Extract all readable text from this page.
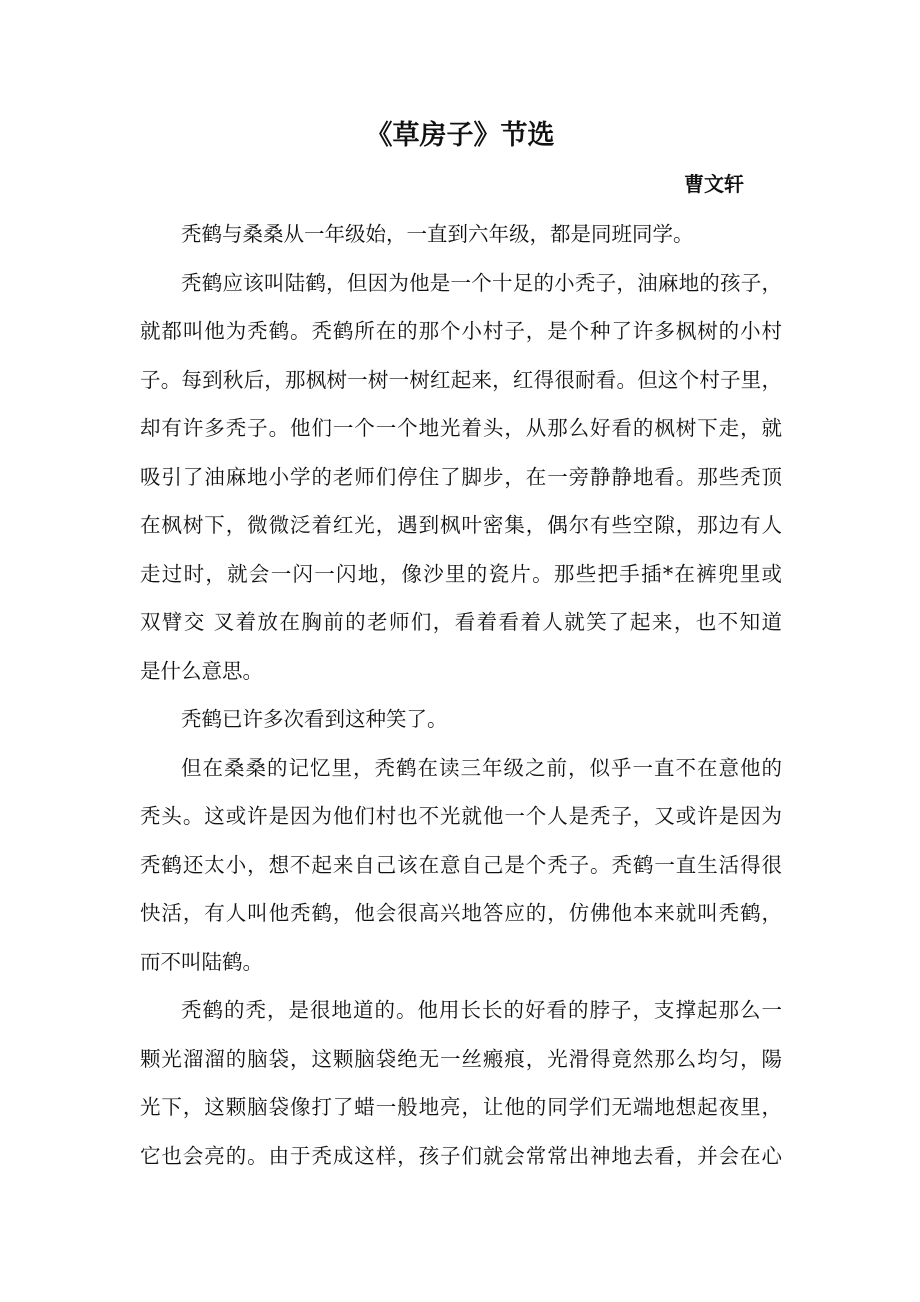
《草房子》节选
曹文轩
秃鹤与桑桑从一年级始，一直到六年级，都是同班同学。
秃鹤应该叫陆鹤，但因为他是一个十足的小秃子，油麻地的孩子，
就都叫他为秃鹤。秃鹤所在的那个小村子，是个种了许多枫树的小村
子。每到秋后，那枫树一树一树红起来，红得很耐看。但这个村子里，
却有许多秃子。他们一个一个地光着头，从那么好看的枫树下走，就
吸引了油麻地小学的老师们停住了脚步，在一旁静静地看。那些秃顶
在枫树下，微微泛着红光，遇到枫叶密集，偶尔有些空隙，那边有人
走过时，就会一闪一闪地，像沙里的瓷片。那些把手插*在裤兜里或
双臂交 叉着放在胸前的老师们，看着看着人就笑了起来，也不知道
是什么意思。
秃鹤已许多次看到这种笑了。
但在桑桑的记忆里，秃鹤在读三年级之前，似乎一直不在意他的
秃头。这或许是因为他们村也不光就他一个人是秃子，又或许是因为
秃鹤还太小，想不起来自己该在意自己是个秃子。秃鹤一直生活得很
快活，有人叫他秃鹤，他会很高兴地答应的，仿佛他本来就叫秃鹤，
而不叫陆鹤。
秃鹤的秃，是很地道的。他用长长的好看的脖子，支撑起那么一
颗光溜溜的脑袋，这颗脑袋绝无一丝瘢痕，光滑得竟然那么均匀，陽
光下，这颗脑袋像打了蜡一般地亮，让他的同学们无端地想起夜里，
它也会亮的。由于秃成这样，孩子们就会常常出神地去看，并会在心
